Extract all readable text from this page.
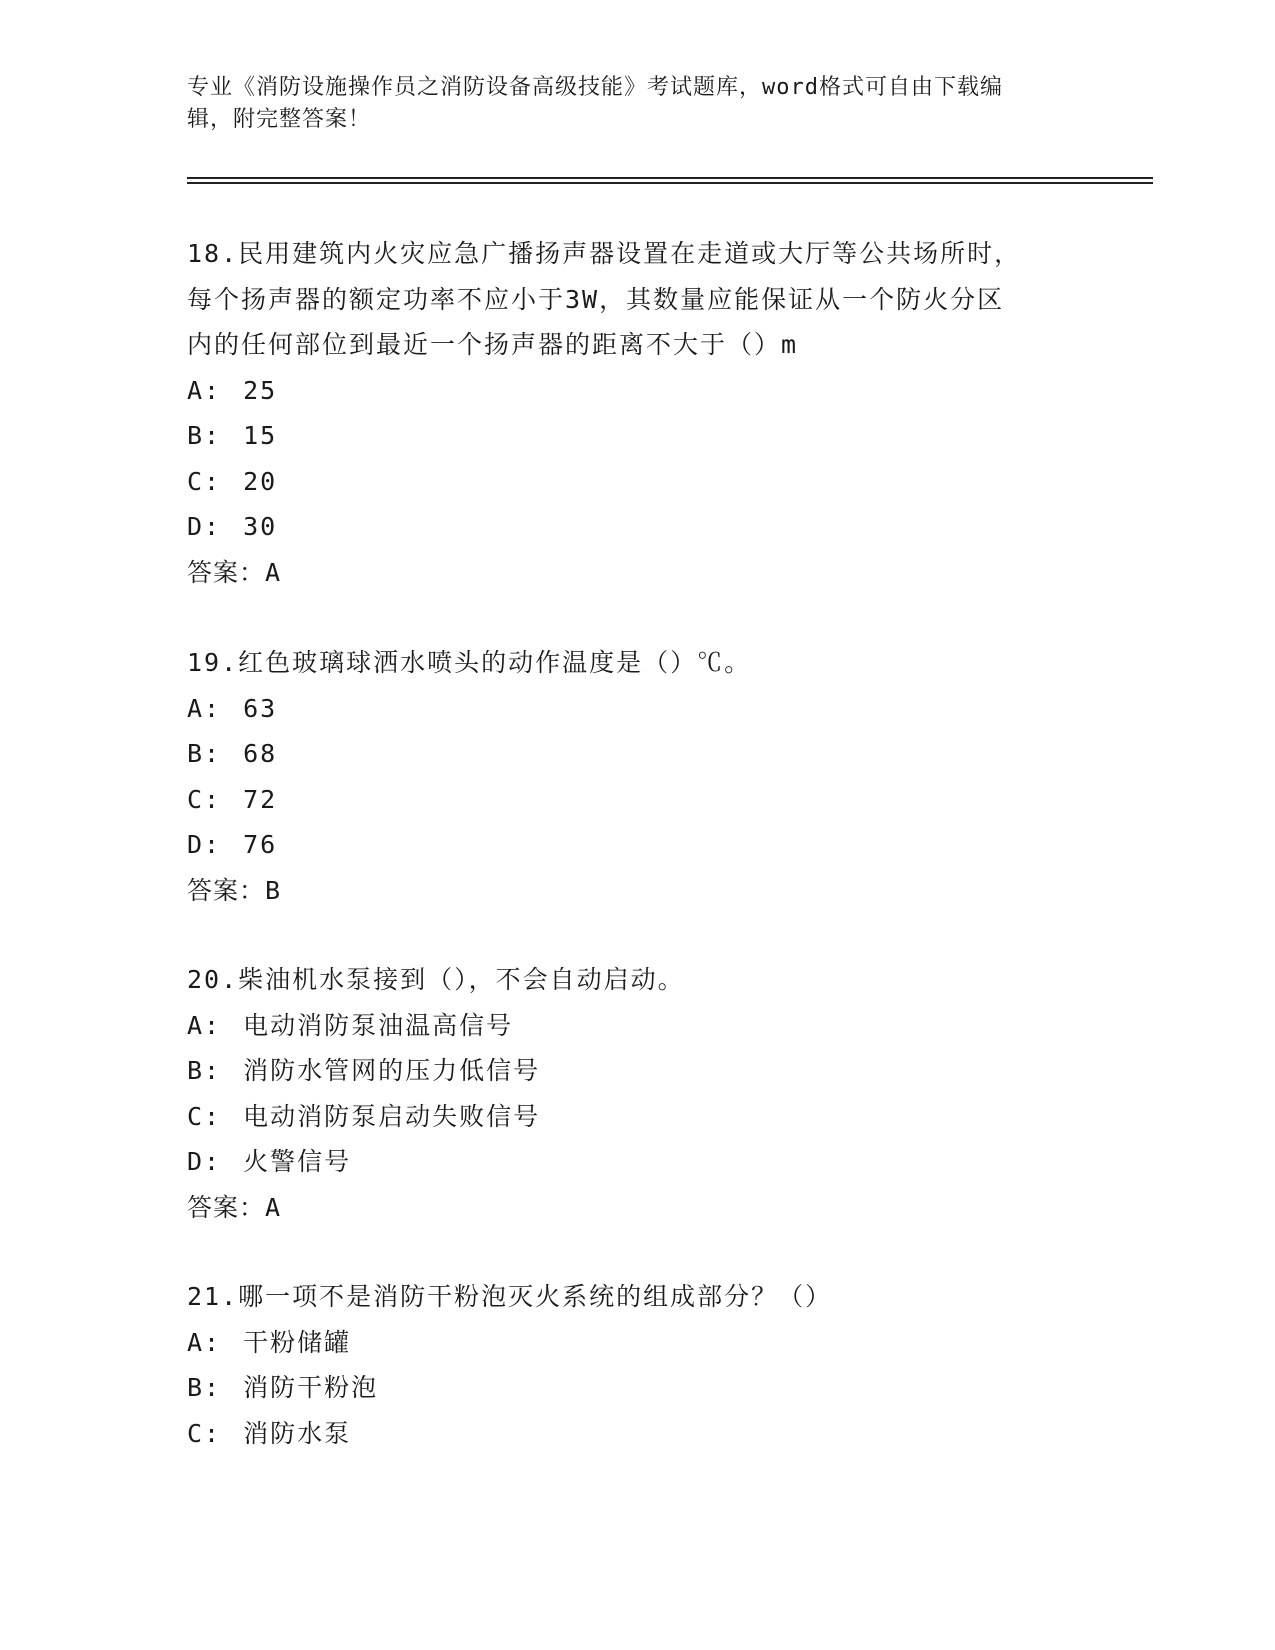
专业《消防设施操作员之消防设备高级技能》考试题库，word格式可自由下载编
辑，附完整答案！
18.民用建筑内火灾应急广播扬声器设置在走道或大厅等公共场所时，
每个扬声器的额定功率不应小于3W，其数量应能保证从一个防火分区
内的任何部位到最近一个扬声器的距离不大于（）m
A: 25
B: 15
C: 20
D: 30
答案：A
19.红色玻璃球洒水喷头的动作温度是（）℃。
A: 63
B: 68
C: 72
D: 76
答案：B
20.柴油机水泵接到（），不会自动启动。
A: 电动消防泵油温高信号
B: 消防水管网的压力低信号
C: 电动消防泵启动失败信号
D: 火警信号
答案：A
21.哪一项不是消防干粉泡灭火系统的组成部分？（）
A: 干粉储罐
B: 消防干粉泡
C: 消防水泵
